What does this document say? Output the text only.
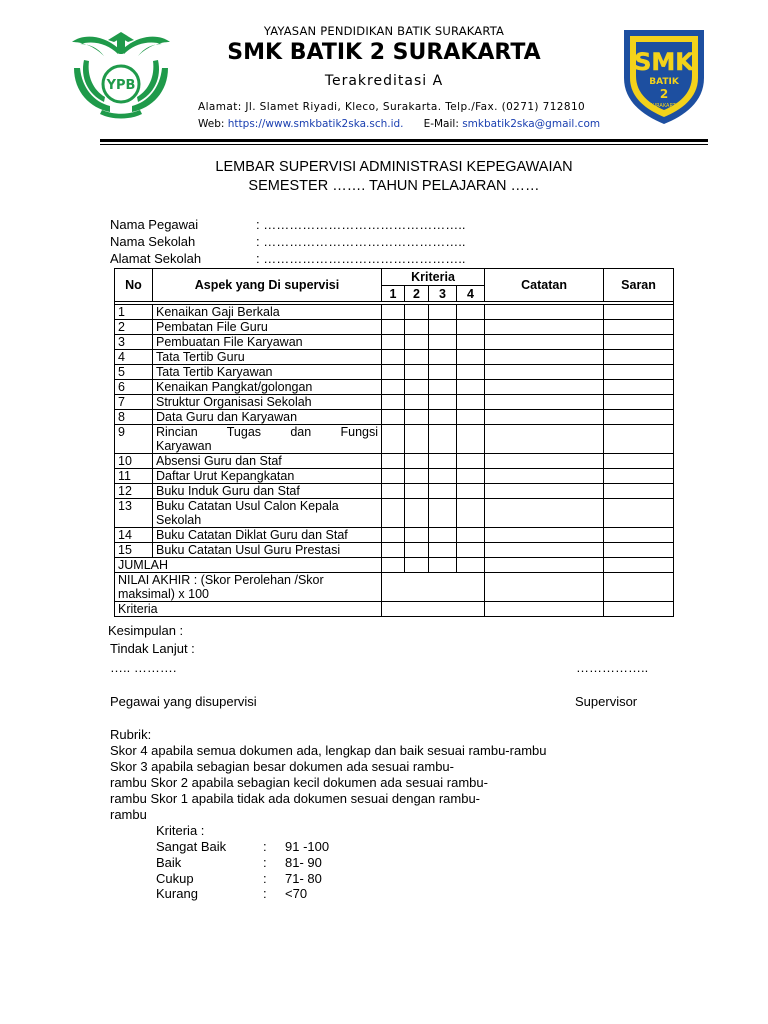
YPB
SMK
BATIK
2
SURAKARTA
YAYASAN PENDIDIKAN BATIK SURAKARTA
SMK BATIK 2 SURAKARTA
Terakreditasi A
Alamat: Jl. Slamet Riyadi, Kleco, Surakarta. Telp./Fax. (0271) 712810
Web: https://www.smkbatik2ska.sch.id. E-Mail: smkbatik2ska@gmail.com
LEMBAR SUPERVISI ADMINISTRASI KEPEGAWAIAN
SEMESTER ……. TAHUN PELAJARAN ……
Nama Pegawai	: ………………………………………..
Nama Sekolah	: ………………………………………..
Alamat Sekolah	: ………………………………………..
No	Aspek yang Di supervisi	Kriteria				Catatan	Saran
		1	2	3	4		

1	Kenaikan Gaji Berkala						
2	Pembatan File Guru						
3	Pembuatan File Karyawan						
4	Tata Tertib Guru						
5	Tata Tertib Karyawan						
6	Kenaikan Pangkat/golongan						
7	Struktur Organisasi Sekolah						
8	Data Guru dan Karyawan						
9	Rincian Tugas dan Fungsi
Karyawan						

10	Absensi Guru dan Staf						
11	Daftar Urut Kepangkatan						
12	Buku Induk Guru dan Staf						
13	Buku Catatan Usul Calon Kepala
Sekolah						

14	Buku Catatan Diklat Guru dan Staf						
15	Buku Catatan Usul Guru Prestasi						
JUMLAH							
NILAI AKHIR : (Skor Perolehan /Skor maksimal) x 100							
Kriteria							
Kesimpulan :
Tindak Lanjut :
….. ……….	……………..
Pegawai yang disupervisi	Supervisor
Rubrik:
Skor 4 apabila semua dokumen ada, lengkap dan baik sesuai rambu-rambu
Skor 3 apabila sebagian besar dokumen ada sesuai rambu-
rambu Skor 2 apabila sebagian kecil dokumen ada sesuai rambu-
rambu Skor 1 apabila tidak ada dokumen sesuai dengan rambu-
rambu
Kriteria :
Sangat Baik	: 91 -100
Baik	: 81- 90
Cukup	: 71- 80
Kurang	: <70
